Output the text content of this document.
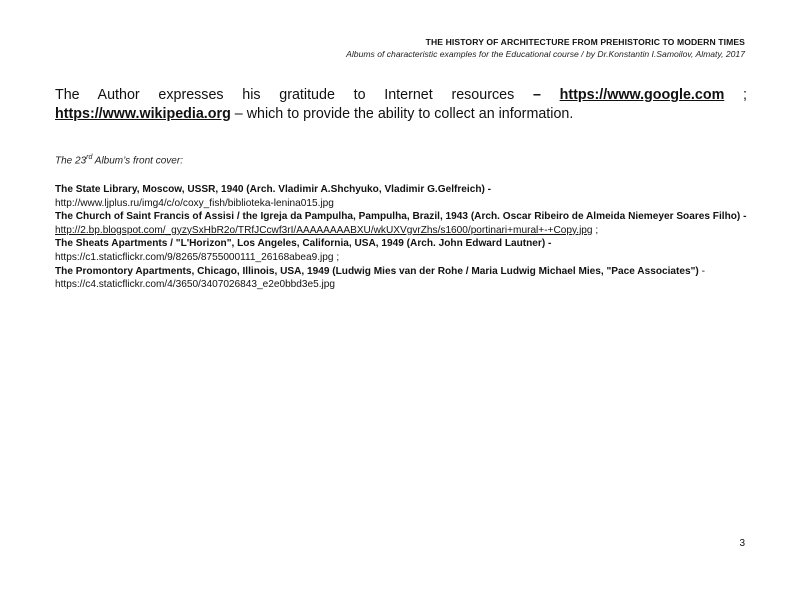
THE HISTORY OF ARCHITECTURE FROM PREHISTORIC TO MODERN TIMES
Albums of characteristic examples for the Educational course / by Dr.Konstantin I.Samoilov, Almaty, 2017

The Author expresses his gratitude to Internet resources – https://www.google.com ; https://www.wikipedia.org – which to provide the ability to collect an information.

The 23rd Album’s front cover:
The State Library, Moscow, USSR, 1940 (Arch. Vladimir A.Shchyuko, Vladimir G.Gelfreich) -
http://www.ljplus.ru/img4/c/o/coxy_fish/biblioteka-lenina015.jpg
The Church of Saint Francis of Assisi / the Igreja da Pampulha, Pampulha, Brazil, 1943 (Arch. Oscar Ribeiro de Almeida Niemeyer Soares Filho) -
http://2.bp.blogspot.com/_gyzySxHbR2o/TRfJCcwf3rI/AAAAAAAABXU/wkUXVgvrZhs/s1600/portinari+mural+-+Copy.jpg ;
The Sheats Apartments / "L'Horizon", Los Angeles, California, USA, 1949 (Arch. John Edward Lautner) -
https://c1.staticflickr.com/9/8265/8755000111_26168abea9.jpg ;
The Promontory Apartments, Chicago, Illinois, USA, 1949 (Ludwig Mies van der Rohe / Maria Ludwig Michael Mies, "Pace Associates") - https://c4.staticflickr.com/4/3650/3407026843_e2e0bbd3e5.jpg
3
